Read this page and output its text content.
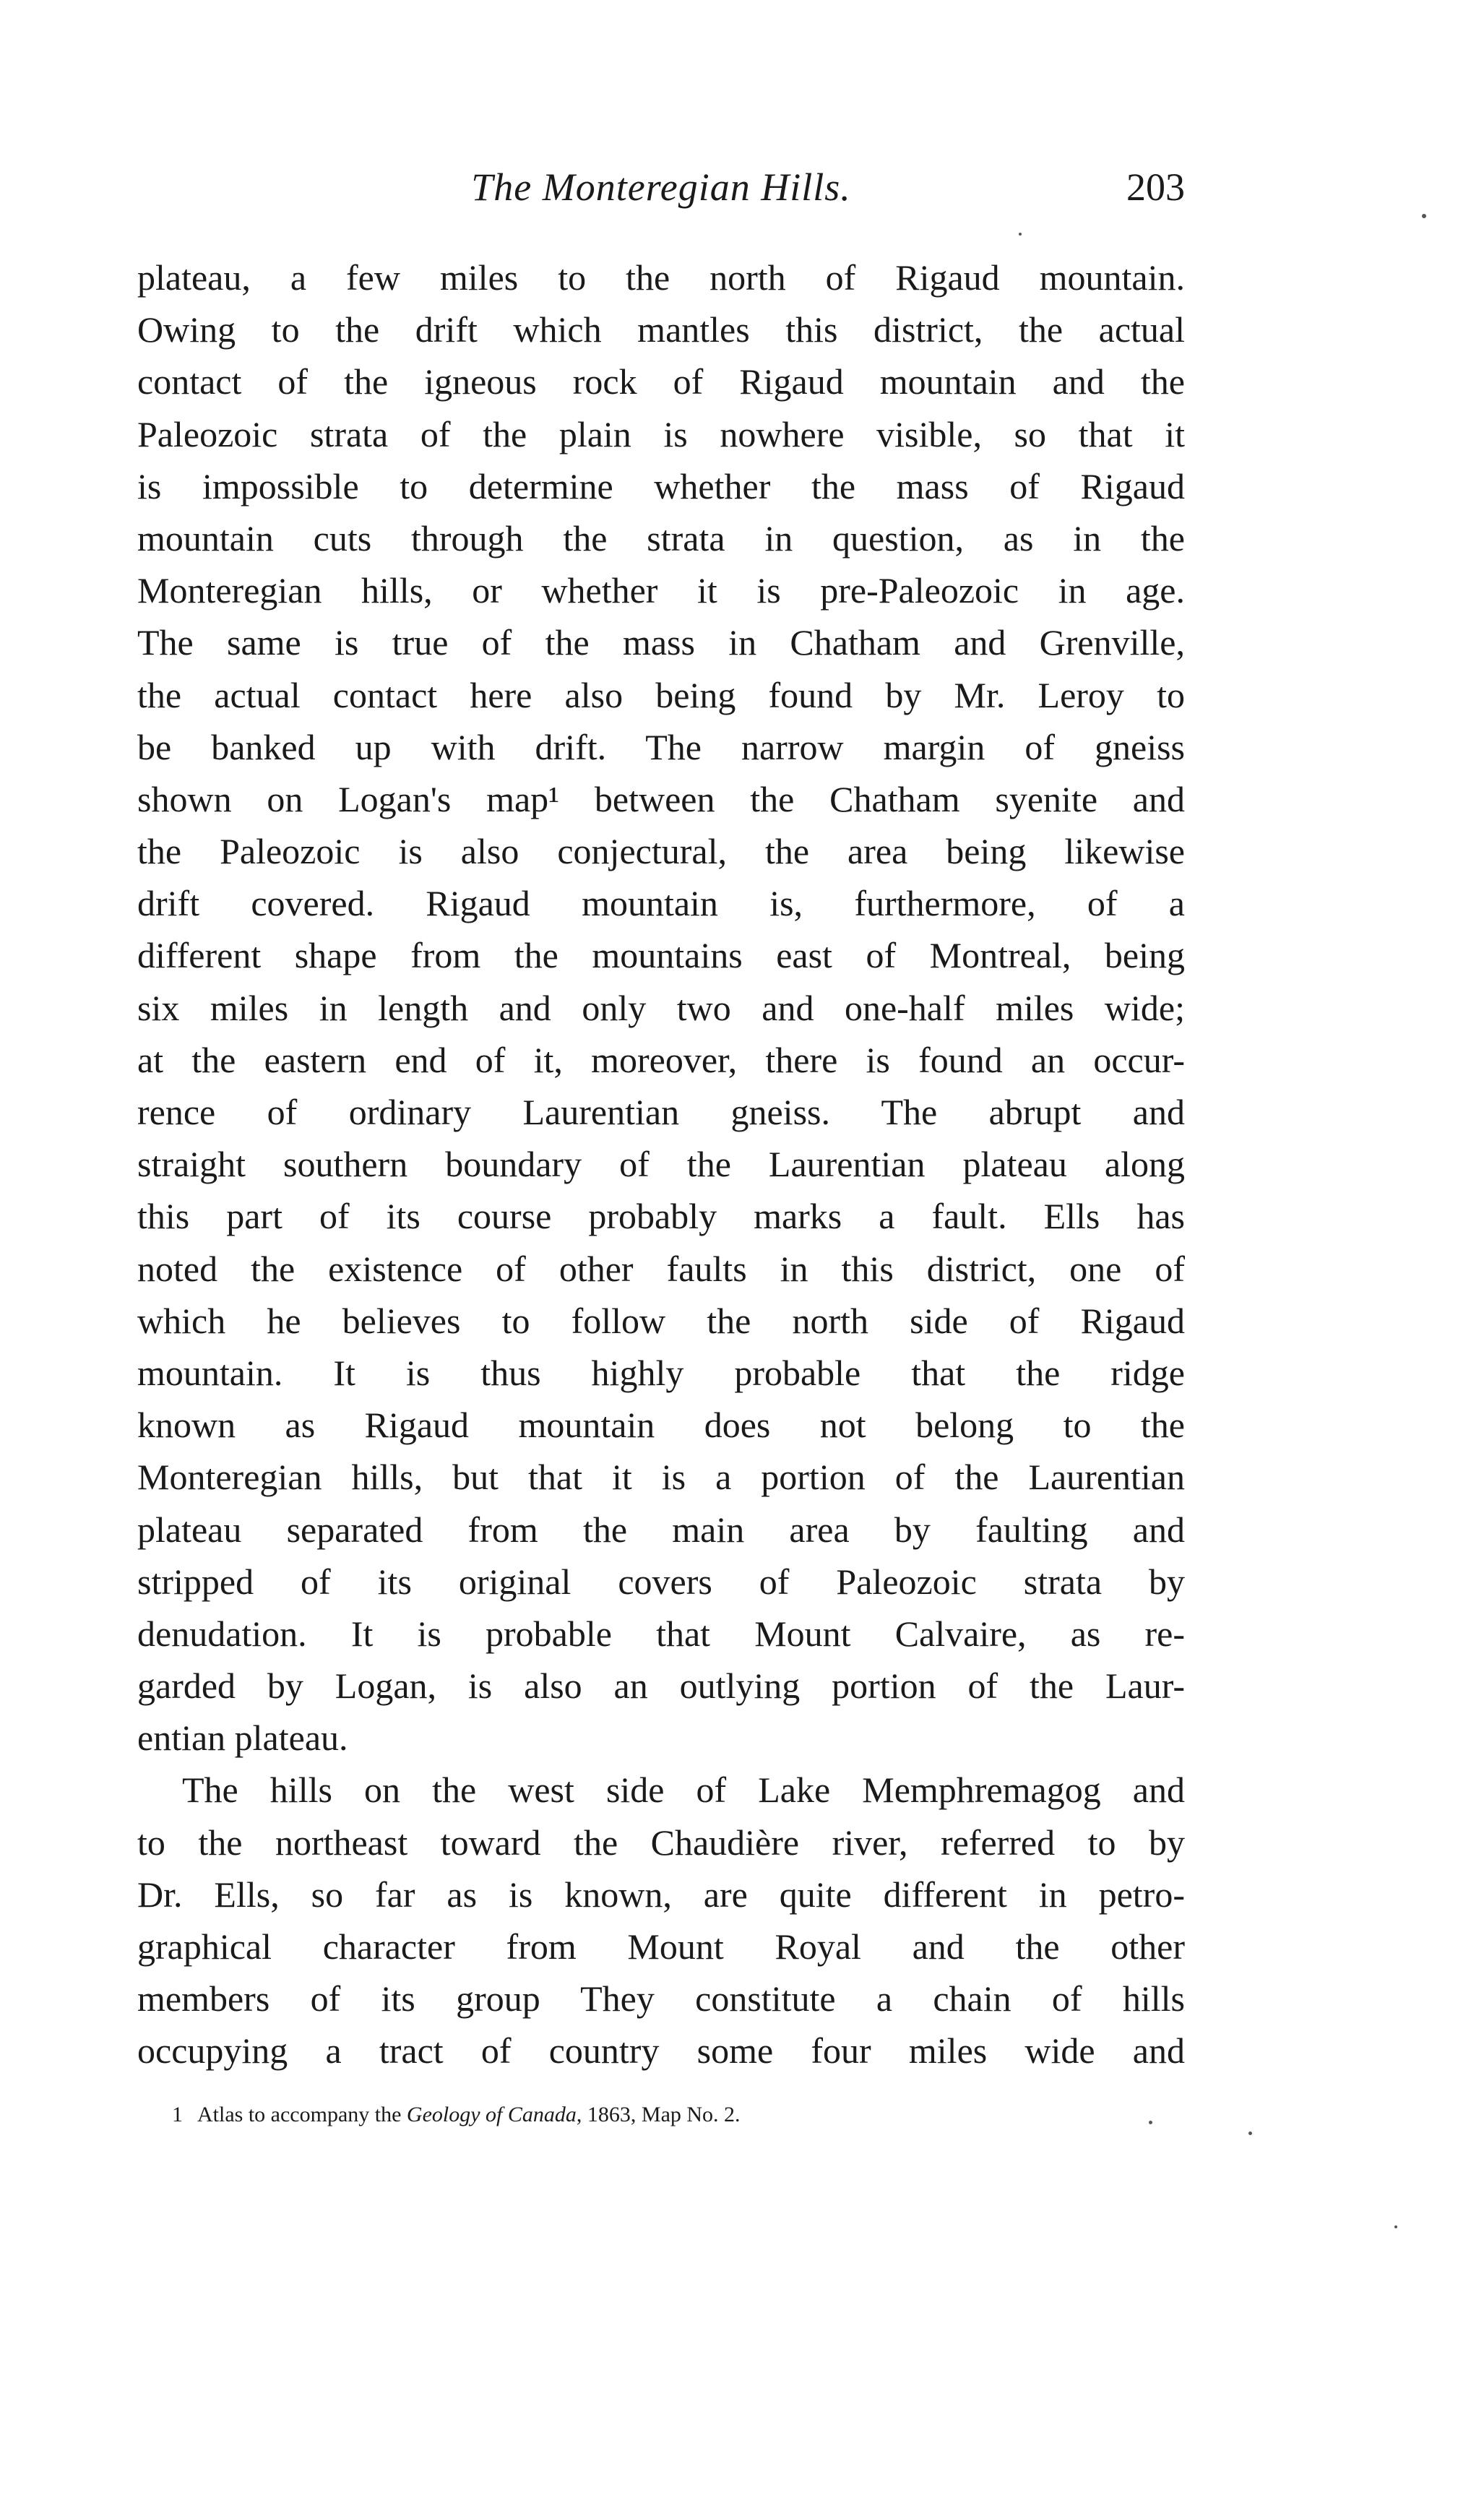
The Monteregian Hills.	203
plateau, a few miles to the north of Rigaud mountain.
Owing to the drift which mantles this district, the actual
contact of the igneous rock of Rigaud mountain and the
Paleozoic strata of the plain is nowhere visible, so that it
is impossible to determine whether the mass of Rigaud
mountain cuts through the strata in question, as in the
Monteregian hills, or whether it is pre-Paleozoic in age.
The same is true of the mass in Chatham and Grenville,
the actual contact here also being found by Mr. Leroy to
be banked up with drift. The narrow margin of gneiss
shown on Logan's map¹ between the Chatham syenite and
the Paleozoic is also conjectural, the area being likewise
drift covered. Rigaud mountain is, furthermore, of a
different shape from the mountains east of Montreal, being
six miles in length and only two and one-half miles wide;
at the eastern end of it, moreover, there is found an occur-
rence of ordinary Laurentian gneiss. The abrupt and
straight southern boundary of the Laurentian plateau along
this part of its course probably marks a fault. Ells has
noted the existence of other faults in this district, one of
which he believes to follow the north side of Rigaud
mountain. It is thus highly probable that the ridge
known as Rigaud mountain does not belong to the
Monteregian hills, but that it is a portion of the Laurentian
plateau separated from the main area by faulting and
stripped of its original covers of Paleozoic strata by
denudation. It is probable that Mount Calvaire, as re-
garded by Logan, is also an outlying portion of the Laur-
entian plateau.
The hills on the west side of Lake Memphremagog and
to the northeast toward the Chaudière river, referred to by
Dr. Ells, so far as is known, are quite different in petro-
graphical character from Mount Royal and the other
members of its group They constitute a chain of hills
occupying a tract of country some four miles wide and
1 Atlas to accompany the Geology of Canada, 1863, Map No. 2.
